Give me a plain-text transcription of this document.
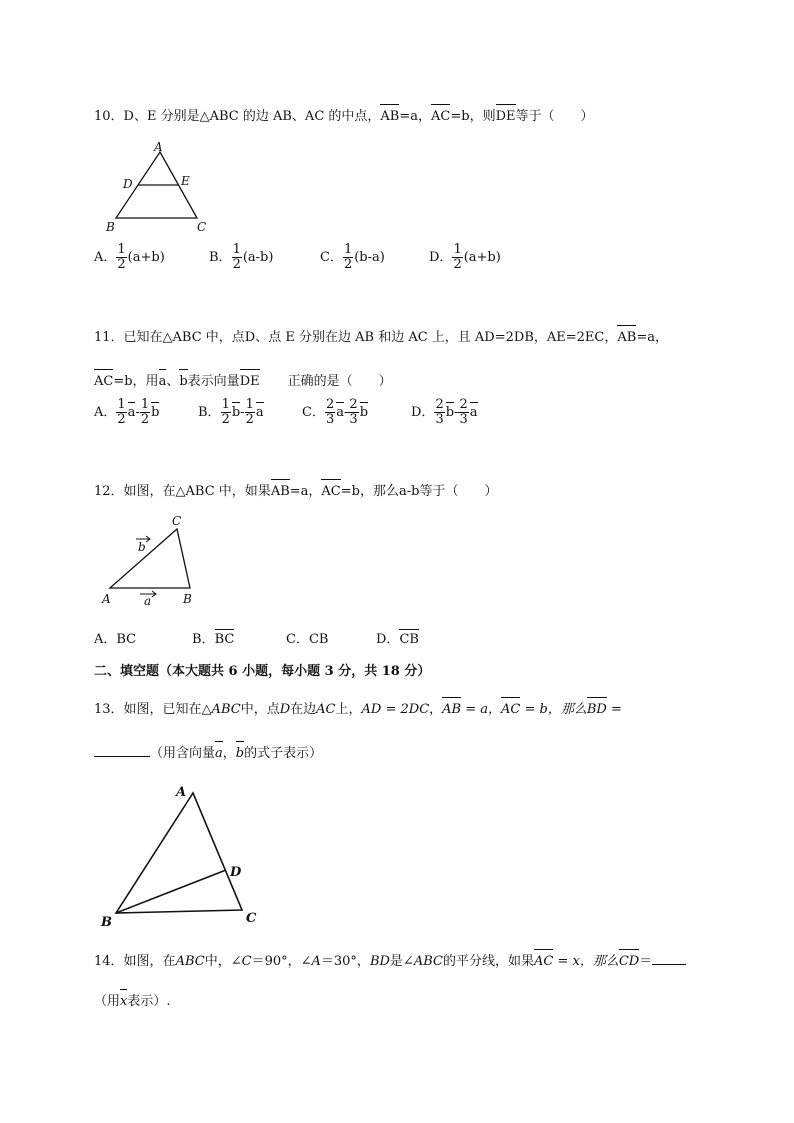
10．D、E 分别是△ABC 的边 AB、AC 的中点，AB=a，AC=b，则DE等于（　　）
A
D	E
B	C
A． $\frac{1}{2} (a+b)$	B． $\frac{1}{2} (a-b)$	C． $\frac{1}{2} (b-a)$	D． $\frac{1}{2} (a+b)$
11．已知在△ABC 中，点D、点 E 分别在边 AB 和边 AC 上，且 AD=2DB，AE=2EC，AB=a，
AC=b，用a、b表示向量DE 正确的是（　　）
A． $\frac{1}{2} a- \frac{1}{2}$ b	B． $\frac{1}{2} b- \frac{1}{2}$ a	C． $\frac{2}{3} a- \frac{2}{3}$ b	D． $\frac{2}{3} b- \frac{2}{3}$ a
12．如图，在△ABC 中，如果AB=a，AC=b，那么a-b等于（　　）
C
b
A	a	B
A．BC	B．BC	C．CB	D．CB
二、填空题（本大题共 6 小题，每小题 3 分，共 18 分）
13．如图，已知在△ABC中，点D在边AC上，AD = 2DC，AB = a，AC = b，那么BD =
（用含向量a，b的式子表示）
A
D
B	C
14．如图，在ABC中，∠C＝90°，∠A＝30°，BD是∠ABC的平分线，如果AC = x，那么CD＝
（用x表示）.
